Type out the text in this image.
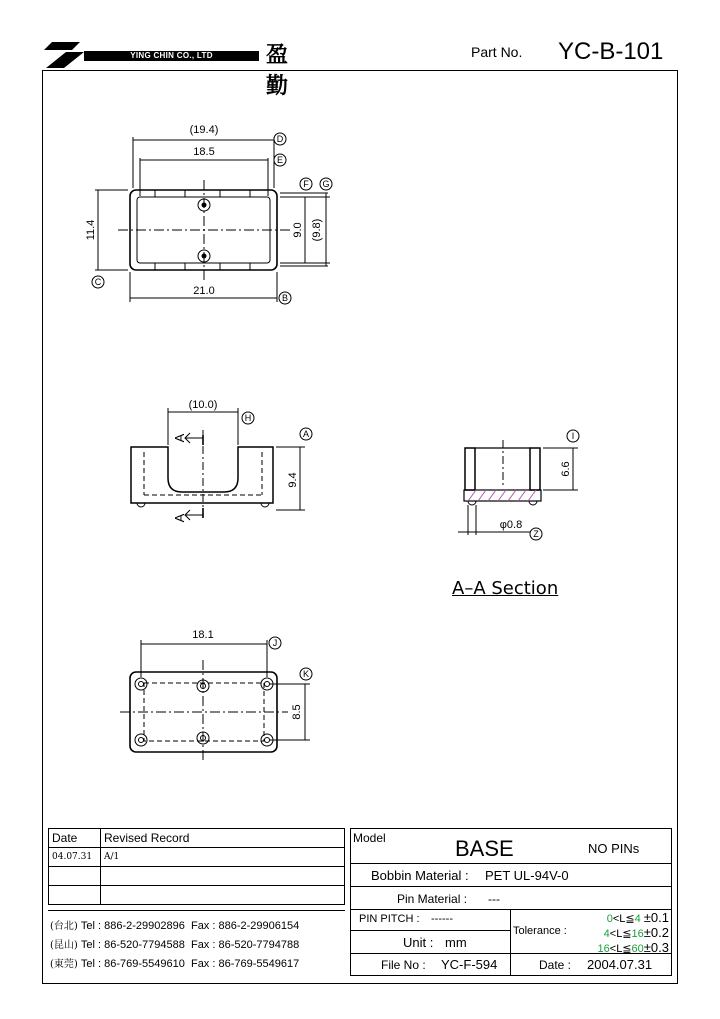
YING CHIN CO., LTD	盈勤
Part No. YC-B-101
(19.4)
18.5
11.4	9.0 (9.8)
21.0
D
E
F G
C
B
(10.0)
9.4
A
A
H
A
6.6
φ0.8
I
Z
18.1
8.5
J
K
A–A Section
Date	Revised Record
04.07.31	A/1

(台北) Tel : 886-2-29902896 Fax : 886-2-29906154
(昆山) Tel : 86-520-7794588 Fax : 86-520-7794788
(東莞) Tel : 86-769-5549610 Fax : 86-769-5549617
Model	BASE	NO PINs
Bobbin Material : PET UL-94V-0
Pin Material : ---
PIN PITCH : ------
Unit : mm
Tolerance :
0<L≦4 ±0.1
4<L≦16±0.2
16<L≦60±0.3
File No : YC-F-594	Date : 2004.07.31
